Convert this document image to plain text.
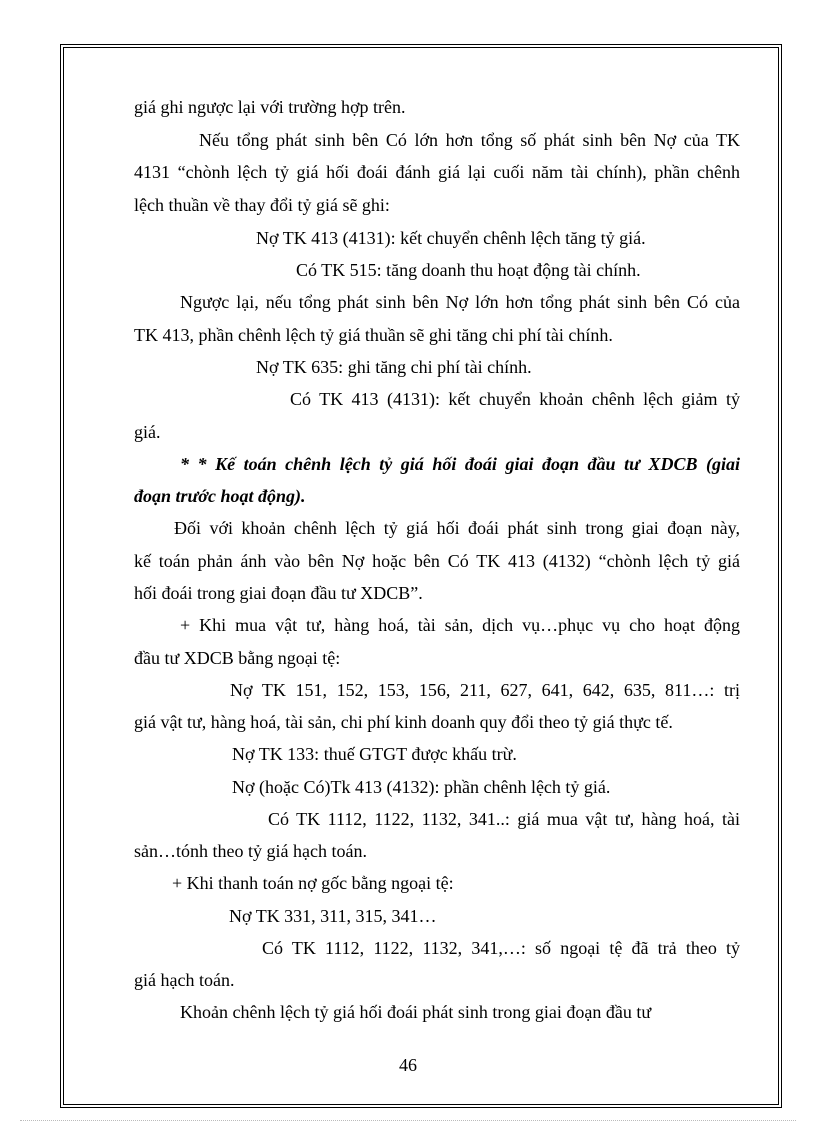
giá ghi ngược lại với trường hợp trên.
Nếu tổng phát sinh bên Có lớn hơn tổng số phát sinh bên Nợ của TK
4131 “chònh lệch tỷ giá hối đoái đánh giá lại cuối năm tài chính), phần chênh
lệch thuần về thay đổi tỷ giá sẽ ghi:
Nợ TK 413 (4131): kết chuyển chênh lệch tăng tỷ giá.
Có TK 515: tăng doanh thu hoạt động tài chính.
Ngược lại, nếu tổng phát sinh bên Nợ lớn hơn tổng phát sinh bên Có của
TK 413, phần chênh lệch tỷ giá thuần sẽ ghi tăng chi phí tài chính.
Nợ TK 635: ghi tăng chi phí tài chính.
Có TK 413 (4131): kết chuyển khoản chênh lệch giảm tỷ
giá.
* * Kế toán chênh lệch tỷ giá hối đoái giai đoạn đầu tư XDCB (giai
đoạn trước hoạt động).
Đối với khoản chênh lệch tỷ giá hối đoái phát sinh trong giai đoạn này,
kế toán phản ánh vào bên Nợ hoặc bên Có TK 413 (4132) “chònh lệch tỷ giá
hối đoái trong giai đoạn đầu tư XDCB”.
+ Khi mua vật tư, hàng hoá, tài sản, dịch vụ…phục vụ cho hoạt động
đầu tư XDCB bằng ngoại tệ:
Nợ TK 151, 152, 153, 156, 211, 627, 641, 642, 635, 811…: trị
giá vật tư, hàng hoá, tài sản, chi phí kinh doanh quy đổi theo tỷ giá thực tế.
Nợ TK 133: thuế GTGT được khấu trừ.
Nợ (hoặc Có)Tk 413 (4132): phần chênh lệch tỷ giá.
Có TK 1112, 1122, 1132, 341..: giá mua vật tư, hàng hoá, tài
sản…tónh theo tỷ giá hạch toán.
+ Khi thanh toán nợ gốc bằng ngoại tệ:
Nợ TK 331, 311, 315, 341…
Có TK 1112, 1122, 1132, 341,…: số ngoại tệ đã trả theo tỷ
giá hạch toán.
Khoản chênh lệch tỷ giá hối đoái phát sinh trong giai đoạn đầu tư
46
